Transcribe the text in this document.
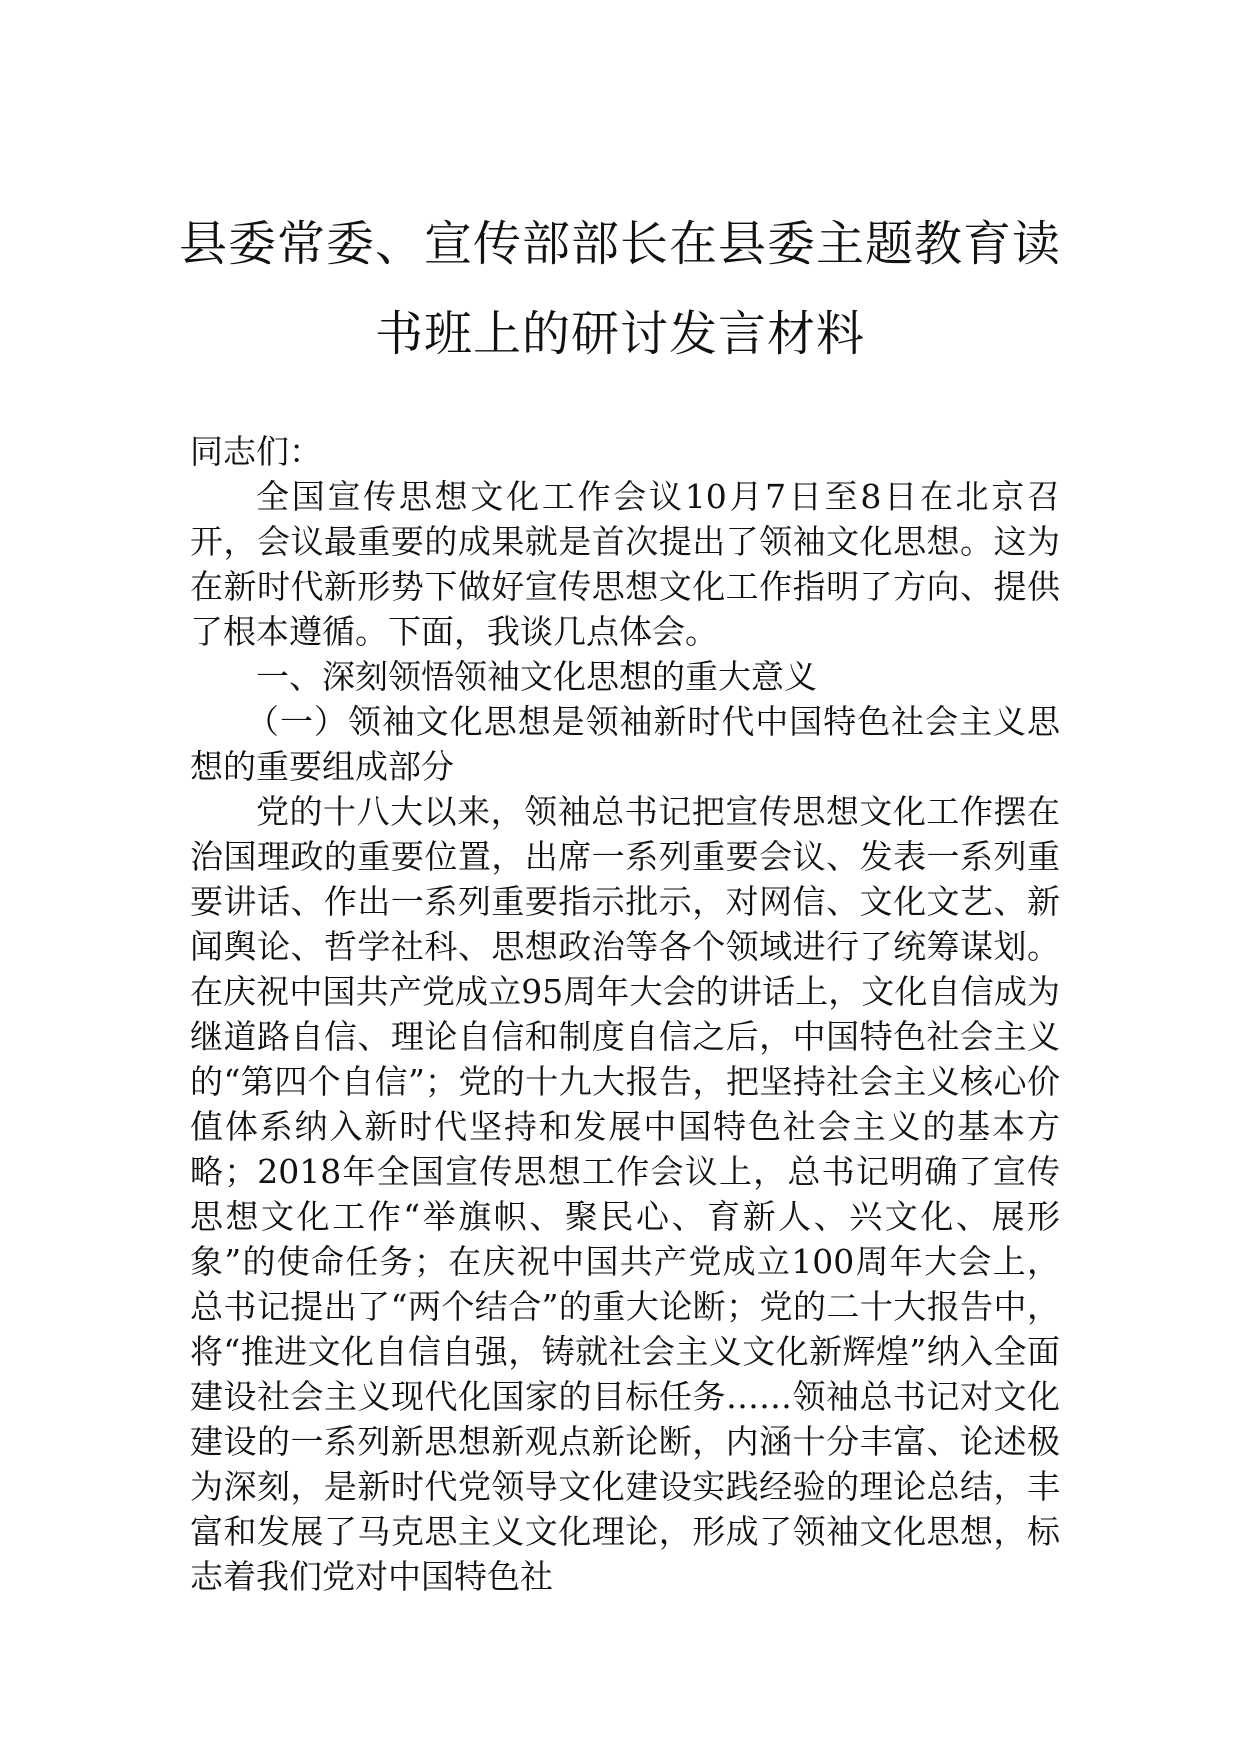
县委常委、宣传部部长在县委主题教育读
书班上的研讨发言材料

同志们：

全国宣传思想文化工作会议10月7日至8日在北京召开，会议最重要的成果就是首次提出了领袖文化思想。这为在新时代新形势下做好宣传思想文化工作指明了方向、提供了根本遵循。下面，我谈几点体会。

一、深刻领悟领袖文化思想的重大意义

（一）领袖文化思想是领袖新时代中国特色社会主义思想的重要组成部分

党的十八大以来，领袖总书记把宣传思想文化工作摆在治国理政的重要位置，出席一系列重要会议、发表一系列重要讲话、作出一系列重要指示批示，对网信、文化文艺、新闻舆论、哲学社科、思想政治等各个领域进行了统筹谋划。在庆祝中国共产党成立95周年大会的讲话上，文化自信成为继道路自信、理论自信和制度自信之后，中国特色社会主义的“第四个自信”；党的十九大报告，把坚持社会主义核心价值体系纳入新时代坚持和发展中国特色社会主义的基本方略；2018年全国宣传思想工作会议上，总书记明确了宣传思想文化工作“举旗帜、聚民心、育新人、兴文化、展形象”的使命任务；在庆祝中国共产党成立100周年大会上，总书记提出了“两个结合”的重大论断；党的二十大报告中，将“推进文化自信自强，铸就社会主义文化新辉煌”纳入全面建设社会主义现代化国家的目标任务……领袖总书记对文化建设的一系列新思想新观点新论断，内涵十分丰富、论述极为深刻，是新时代党领导文化建设实践经验的理论总结，丰富和发展了马克思主义文化理论，形成了领袖文化思想，标志着我们党对中国特色社
